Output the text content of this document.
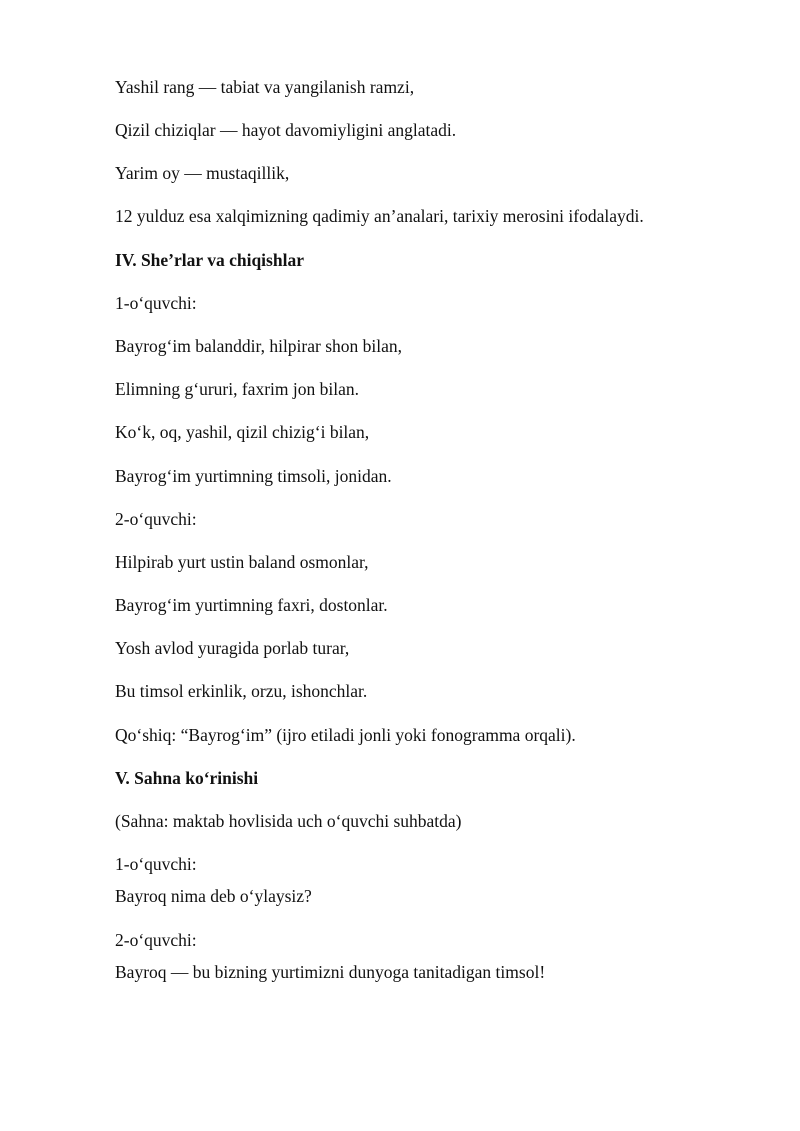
Yashil rang — tabiat va yangilanish ramzi,
Qizil chiziqlar — hayot davomiyligini anglatadi.
Yarim oy — mustaqillik,
12 yulduz esa xalqimizning qadimiy an’analari, tarixiy merosini ifodalaydi.
IV. She’rlar va chiqishlar
1-o‘quvchi:
Bayrog‘im balanddir, hilpirar shon bilan,
Elimning g‘ururi, faxrim jon bilan.
Ko‘k, oq, yashil, qizil chizig‘i bilan,
Bayrog‘im yurtimning timsoli, jonidan.
2-o‘quvchi:
Hilpirab yurt ustin baland osmonlar,
Bayrog‘im yurtimning faxri, dostonlar.
Yosh avlod yuragida porlab turar,
Bu timsol erkinlik, orzu, ishonchlar.
Qo‘shiq: “Bayrog‘im” (ijro etiladi jonli yoki fonogramma orqali).
V. Sahna ko‘rinishi
(Sahna: maktab hovlisida uch o‘quvchi suhbatda)
1-o‘quvchi:
Bayroq nima deb o‘ylaysiz?
2-o‘quvchi:
Bayroq — bu bizning yurtimizni dunyoga tanitadigan timsol!
